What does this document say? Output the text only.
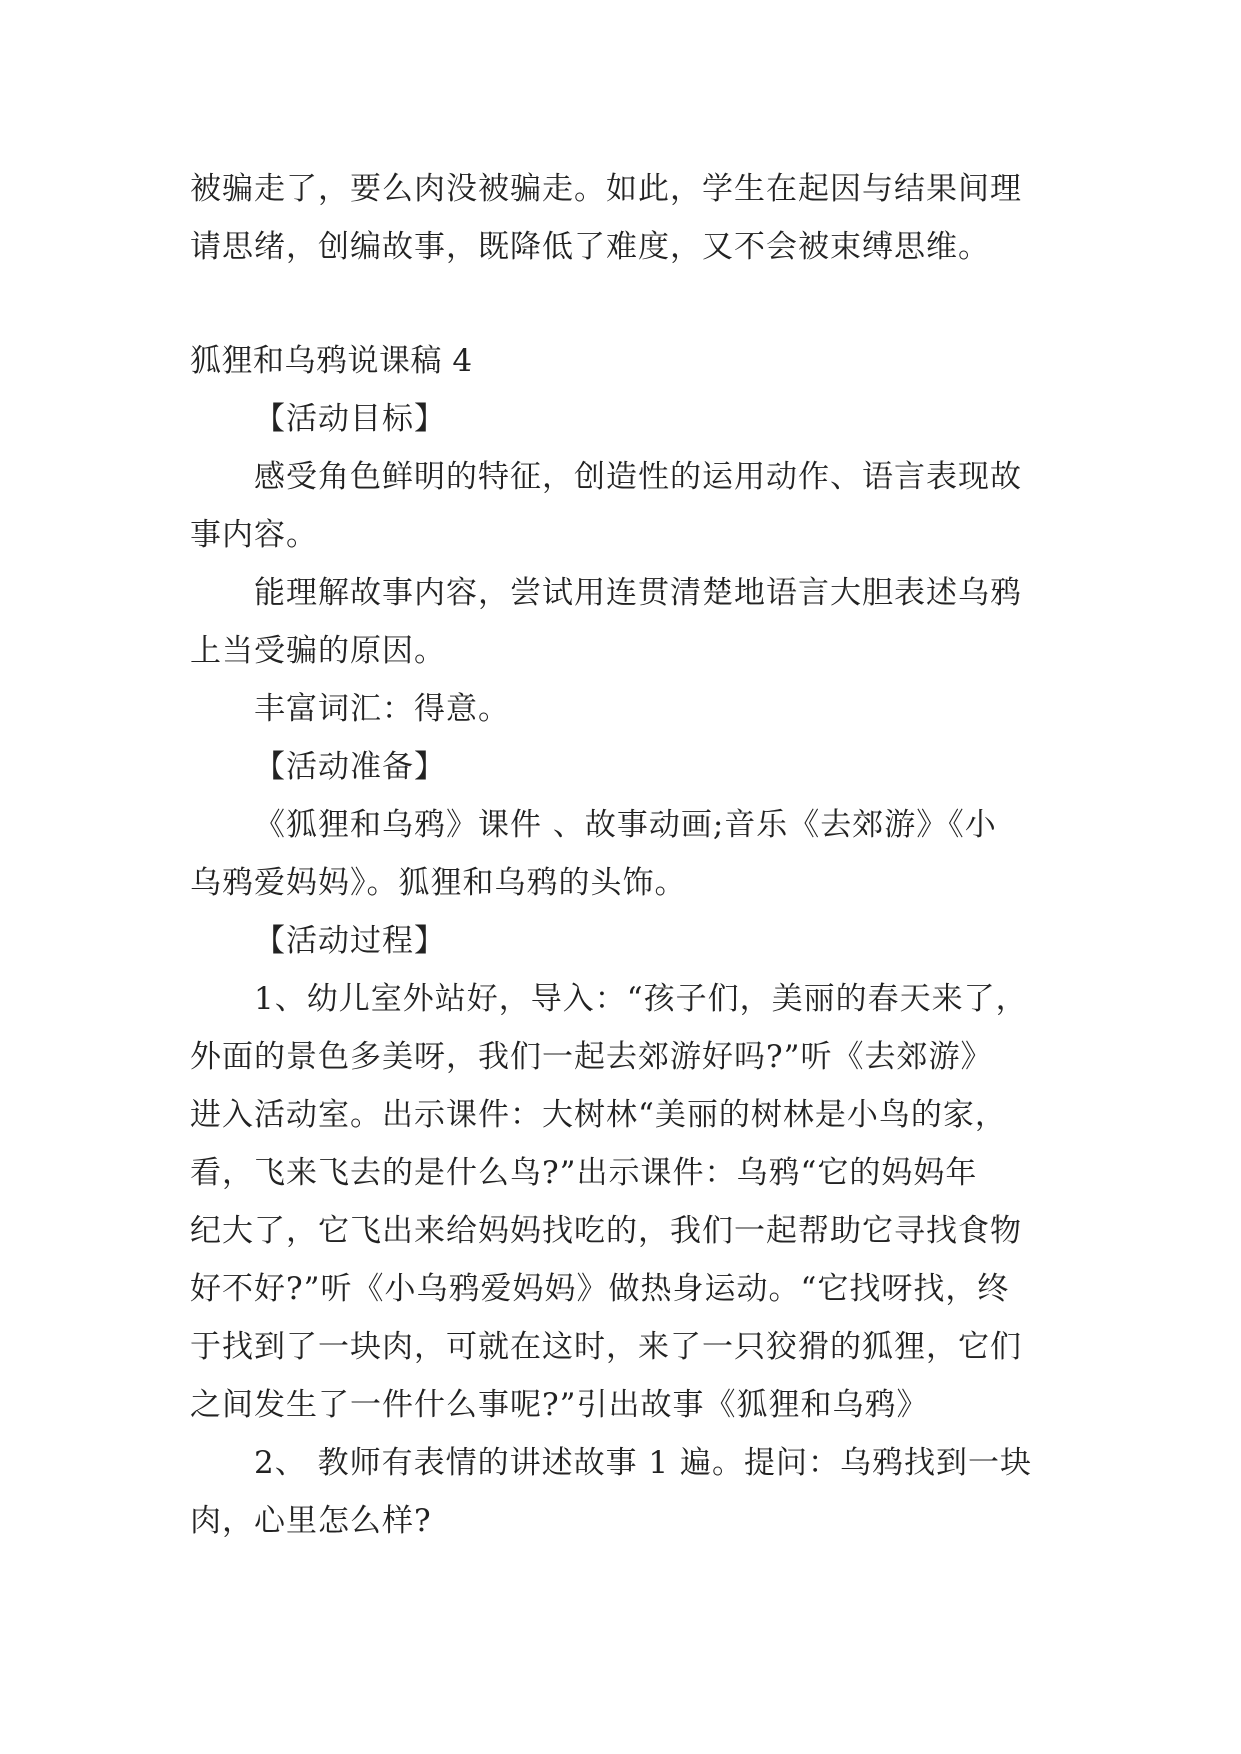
被骗走了，要么肉没被骗走。如此，学生在起因与结果间理

请思绪，创编故事，既降低了难度，又不会被束缚思维。

狐狸和乌鸦说课稿 4

【活动目标】

感受角色鲜明的特征，创造性的运用动作、语言表现故

事内容。

能理解故事内容，尝试用连贯清楚地语言大胆表述乌鸦

上当受骗的原因。

丰富词汇：得意。

【活动准备】

《狐狸和乌鸦》课件 、故事动画;音乐《去郊游》《小

乌鸦爱妈妈》。狐狸和乌鸦的头饰。

【活动过程】

1、幼儿室外站好，导入：“孩子们，美丽的春天来了，

外面的景色多美呀，我们一起去郊游好吗?”听《去郊游》

进入活动室。出示课件：大树林“美丽的树林是小鸟的家，

看，飞来飞去的是什么鸟?”出示课件：乌鸦“它的妈妈年

纪大了，它飞出来给妈妈找吃的，我们一起帮助它寻找食物

好不好?”听《小乌鸦爱妈妈》做热身运动。“它找呀找，终

于找到了一块肉，可就在这时，来了一只狡猾的狐狸，它们

之间发生了一件什么事呢?”引出故事《狐狸和乌鸦》

2、 教师有表情的讲述故事 1 遍。提问：乌鸦找到一块

肉，心里怎么样?
